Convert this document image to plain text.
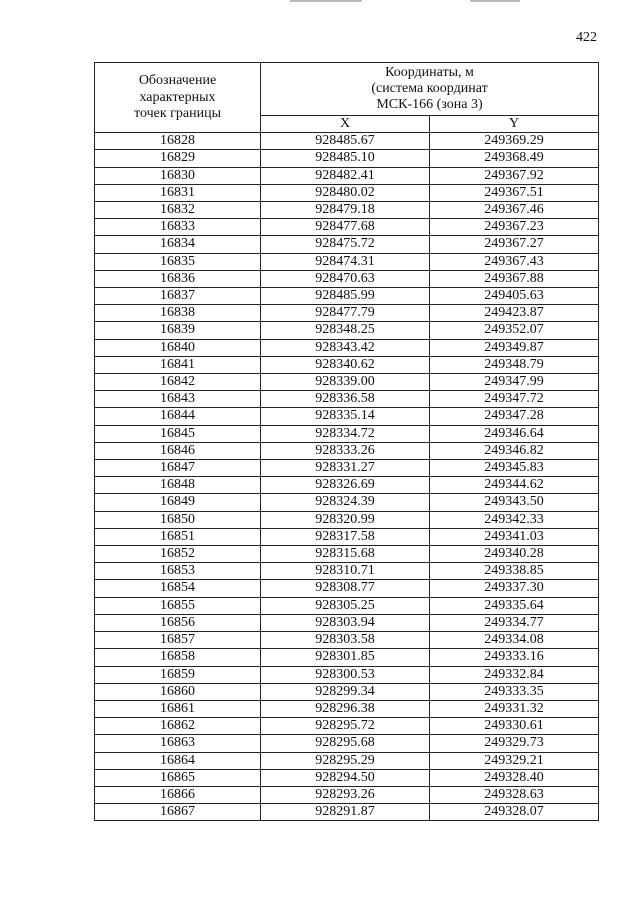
422
Обозначение
характерных
точек границы	Координаты, м
(система координат
МСК-166 (зона 3)	

	X	Y
16828	928485.67	249369.29
16829	928485.10	249368.49
16830	928482.41	249367.92
16831	928480.02	249367.51
16832	928479.18	249367.46
16833	928477.68	249367.23
16834	928475.72	249367.27
16835	928474.31	249367.43
16836	928470.63	249367.88
16837	928485.99	249405.63
16838	928477.79	249423.87
16839	928348.25	249352.07
16840	928343.42	249349.87
16841	928340.62	249348.79
16842	928339.00	249347.99
16843	928336.58	249347.72
16844	928335.14	249347.28
16845	928334.72	249346.64
16846	928333.26	249346.82
16847	928331.27	249345.83
16848	928326.69	249344.62
16849	928324.39	249343.50
16850	928320.99	249342.33
16851	928317.58	249341.03
16852	928315.68	249340.28
16853	928310.71	249338.85
16854	928308.77	249337.30
16855	928305.25	249335.64
16856	928303.94	249334.77
16857	928303.58	249334.08
16858	928301.85	249333.16
16859	928300.53	249332.84
16860	928299.34	249333.35
16861	928296.38	249331.32
16862	928295.72	249330.61
16863	928295.68	249329.73
16864	928295.29	249329.21
16865	928294.50	249328.40
16866	928293.26	249328.63
16867	928291.87	249328.07
